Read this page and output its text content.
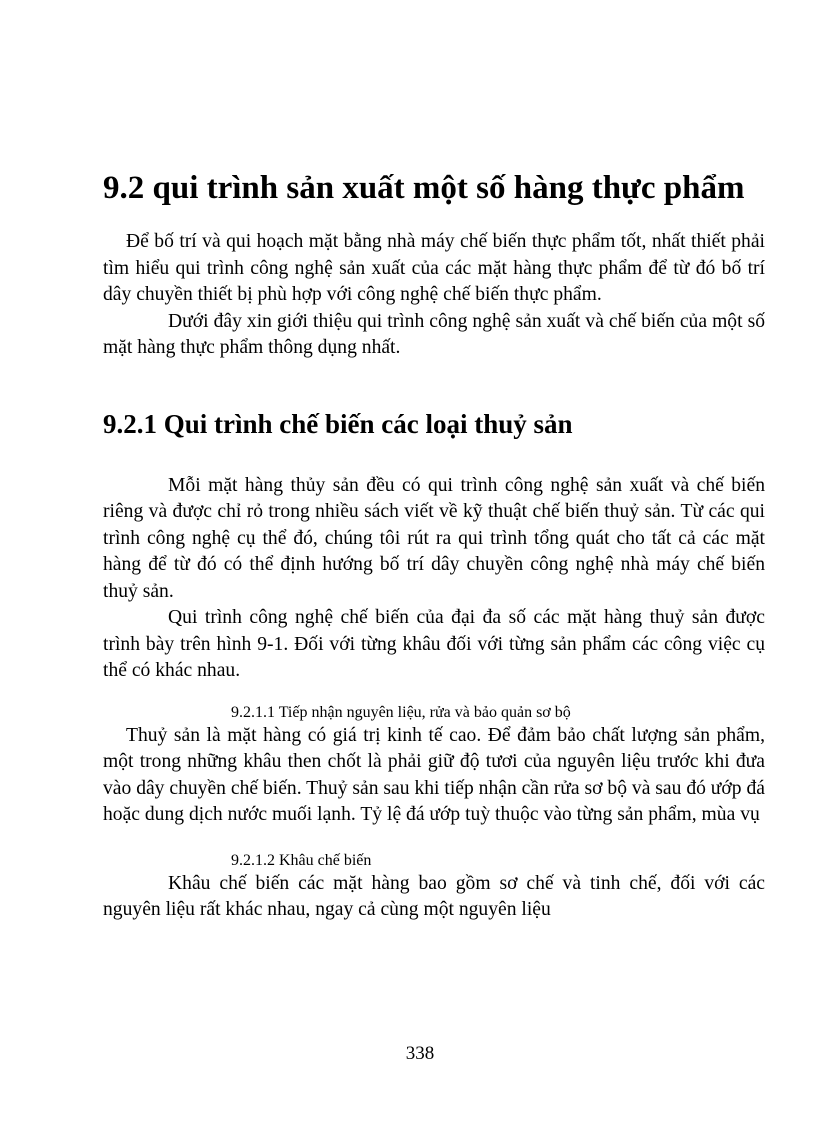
9.2 qui trình sản xuất một số hàng thực phẩm

Để bố trí và qui hoạch mặt bằng nhà máy chế biến thực phẩm tốt, nhất thiết phải tìm hiểu qui trình công nghệ sản xuất của các mặt hàng thực phẩm để từ đó bố trí dây chuyền thiết bị phù hợp với công nghệ chế biến thực phẩm.

Dưới đây xin giới thiệu qui trình công nghệ sản xuất và chế biến của một số mặt hàng thực phẩm thông dụng nhất.

9.2.1 Qui trình chế biến các loại thuỷ sản

Mỗi mặt hàng thủy sản đều có qui trình công nghệ sản xuất và chế biến riêng và được chỉ rỏ trong nhiều sách viết về kỹ thuật chế biến thuỷ sản. Từ các qui trình công nghệ cụ thể đó, chúng tôi rút ra qui trình tổng quát cho tất cả các mặt hàng để từ đó có thể định hướng bố trí dây chuyền công nghệ nhà máy chế biến thuỷ sản.

Qui trình công nghệ chế biến của đại đa số các mặt hàng thuỷ sản được trình bày trên hình 9-1. Đối với từng khâu đối với từng sản phẩm các công việc cụ thể có khác nhau.

9.2.1.1 Tiếp nhận nguyên liệu, rửa và bảo quản sơ bộ

Thuỷ sản là mặt hàng có giá trị kinh tế cao. Để đảm bảo chất lượng sản phẩm, một trong những khâu then chốt là phải giữ độ tươi của nguyên liệu trước khi đưa vào dây chuyền chế biến. Thuỷ sản sau khi tiếp nhận cần rửa sơ bộ và sau đó ướp đá hoặc dung dịch nước muối lạnh. Tỷ lệ đá ướp tuỳ thuộc vào từng sản phẩm, mùa vụ

9.2.1.2 Khâu chế biến

Khâu chế biến các mặt hàng bao gồm sơ chế và tinh chế, đối với các nguyên liệu rất khác nhau, ngay cả cùng một nguyên liệu

338
